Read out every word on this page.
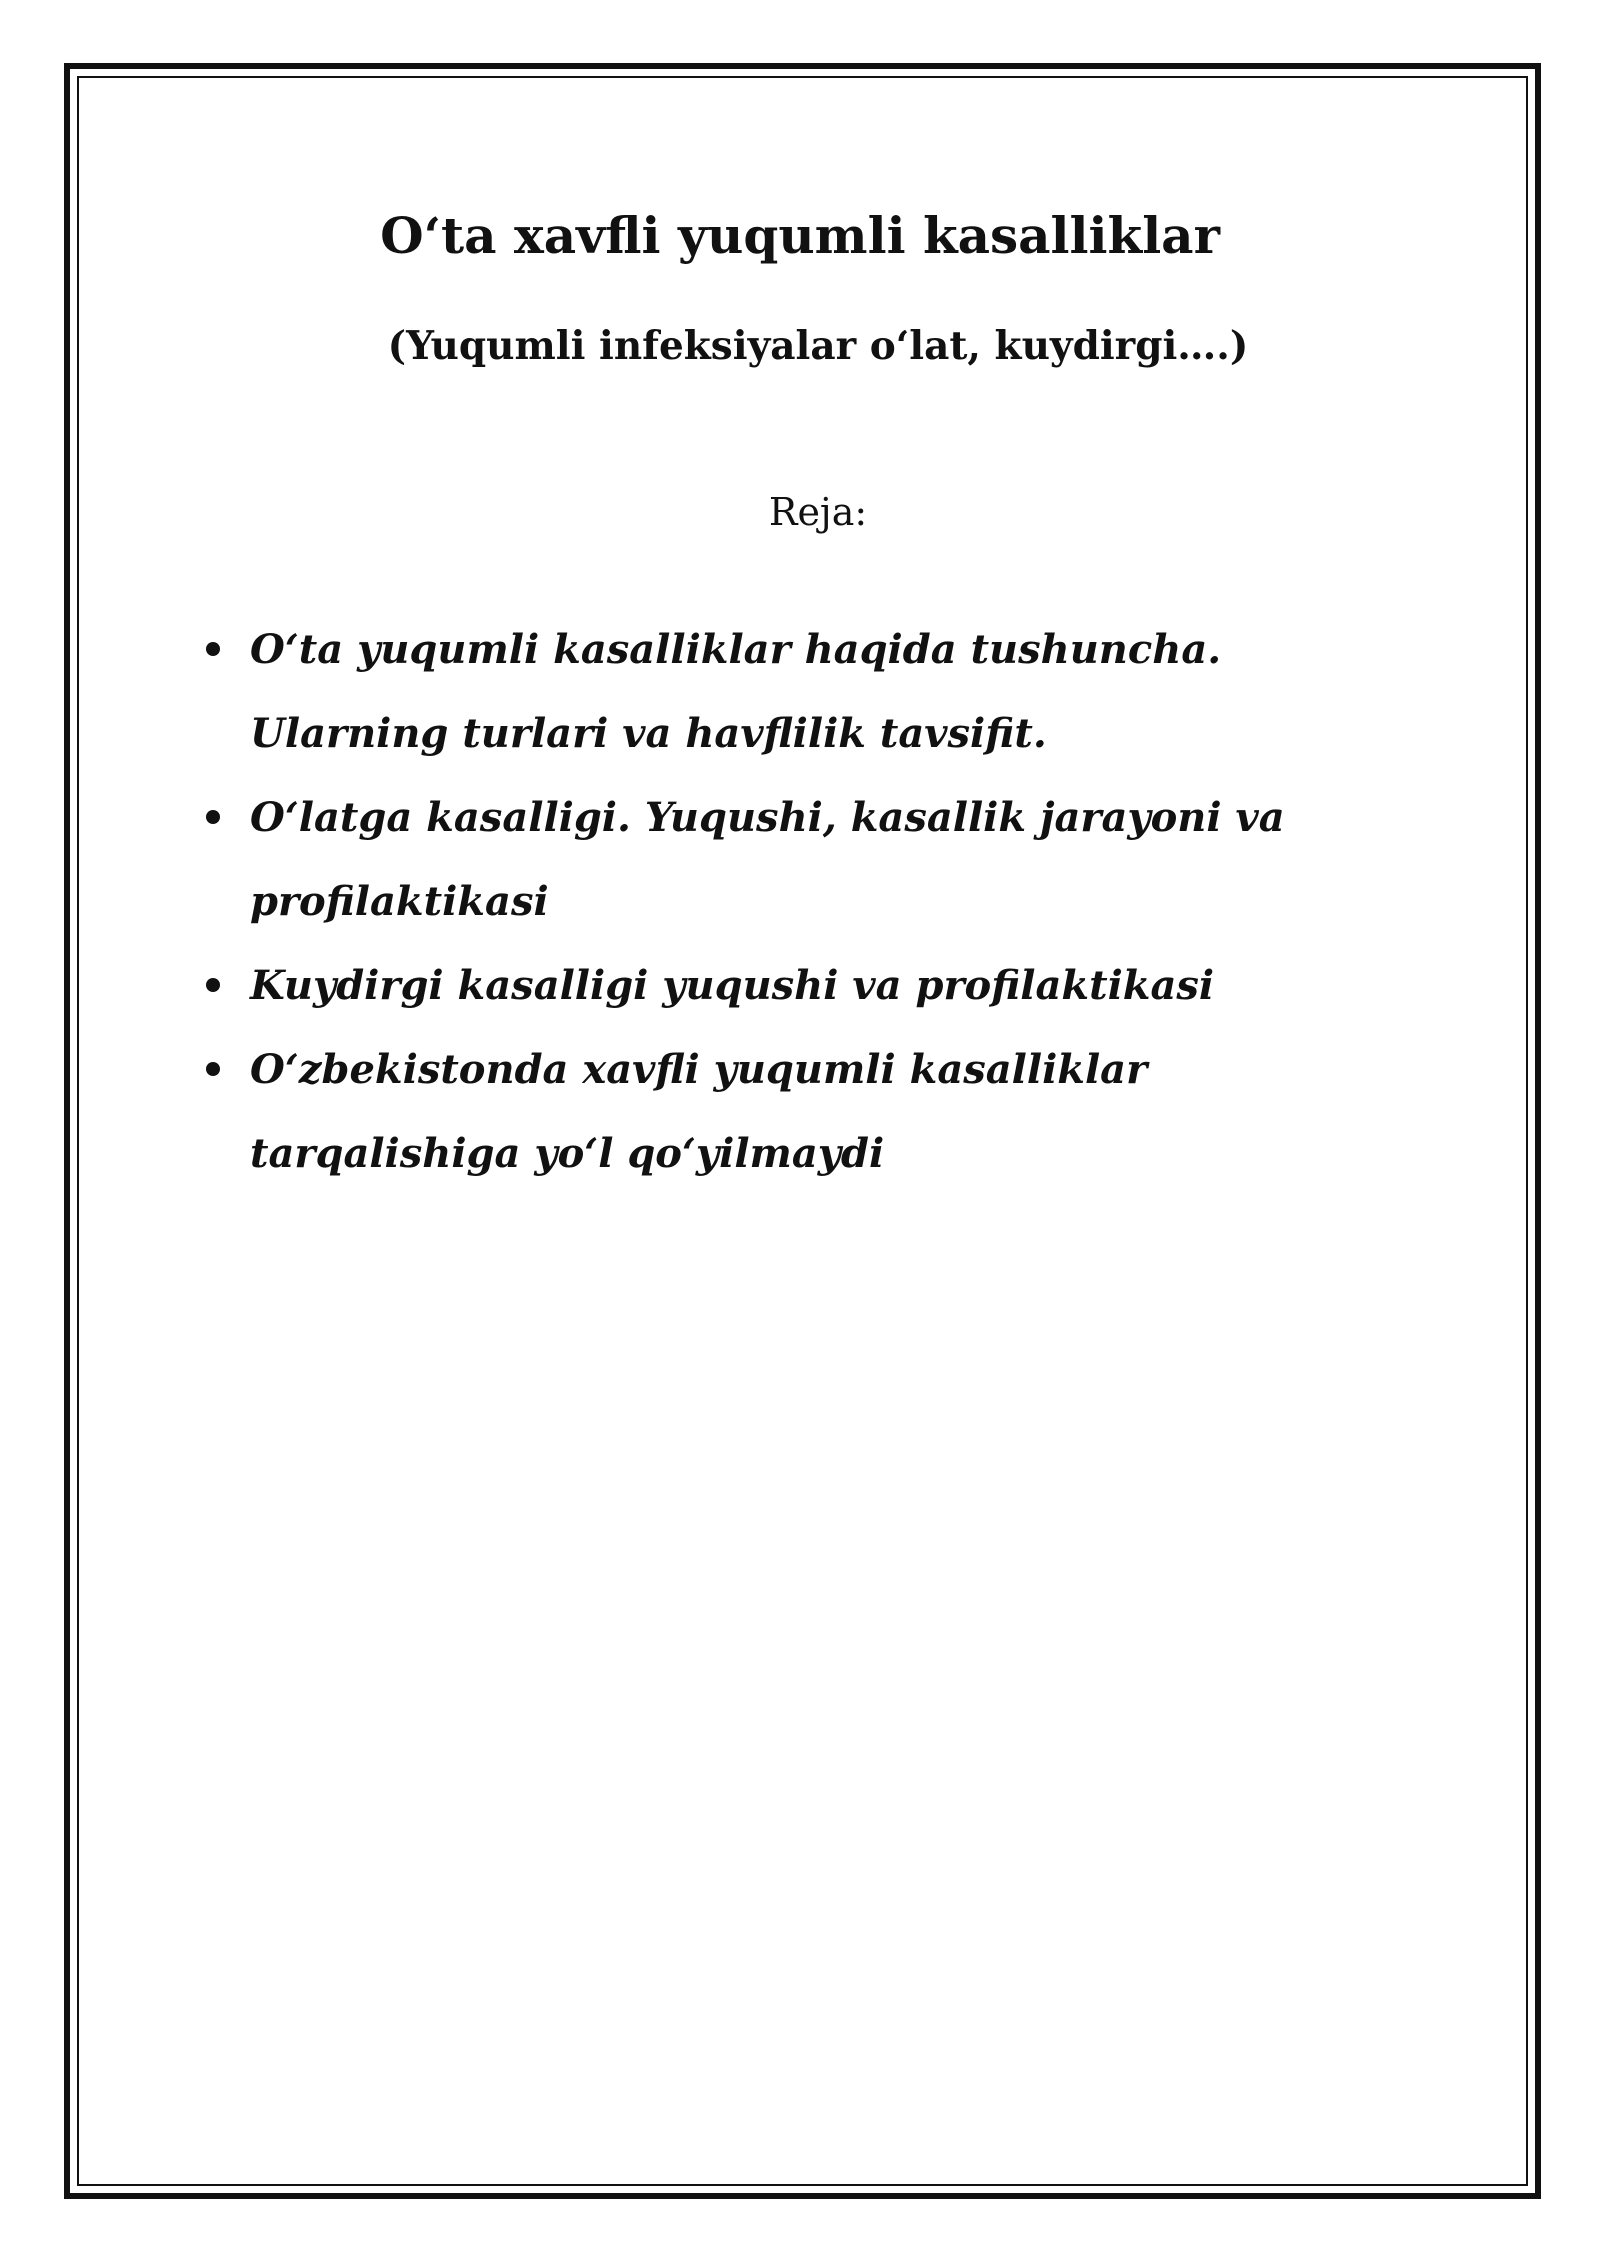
O‘ta xavfli yuqumli kasalliklar
(Yuqumli infeksiyalar o‘lat, kuydirgi….)

Reja:

O‘ta yuqumli kasalliklar haqida tushuncha. Ularning turlari va havflilik tavsifit.
O‘latga kasalligi. Yuqushi, kasallik jarayoni va profilaktikasi
Kuydirgi kasalligi yuqushi va profilaktikasi
O‘zbekistonda xavfli yuqumli kasalliklar tarqalishiga yo‘l qo‘yilmaydi
